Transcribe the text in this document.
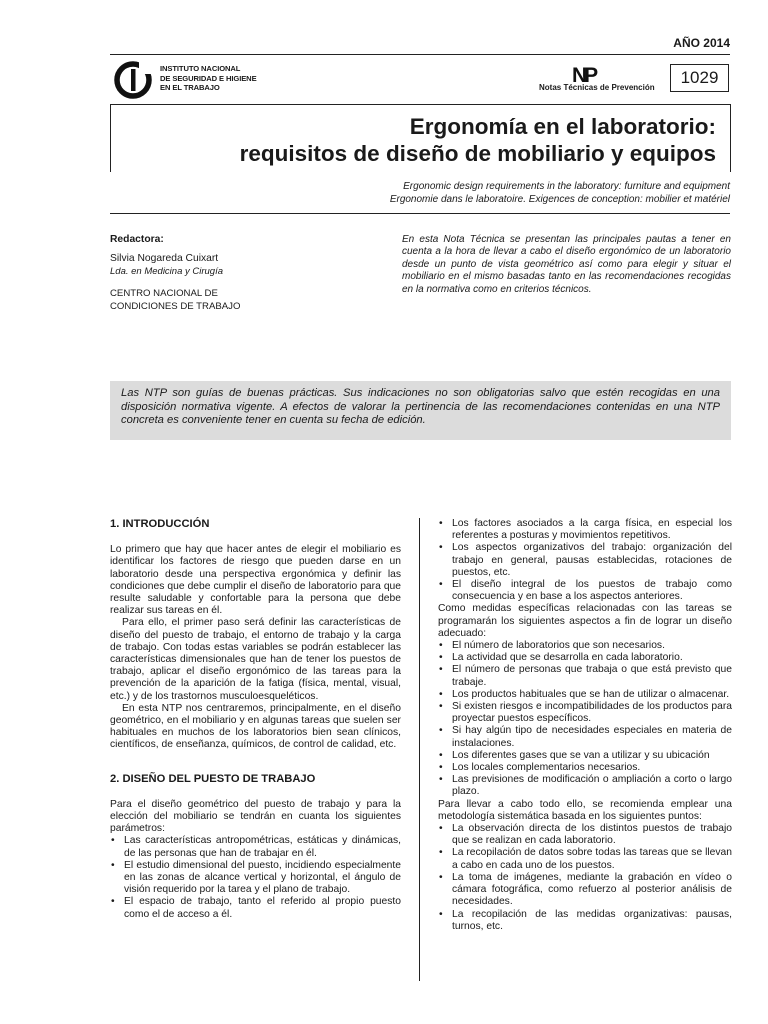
AÑO 2014
INSTITUTO NACIONAL
DE SEGURIDAD E HIGIENE
EN EL TRABAJO
NP
Notas Técnicas de Prevención
1029
Ergonomía en el laboratorio:
requisitos de diseño de mobiliario y equipos
Ergonomic design requirements in the laboratory: furniture and equipment
Ergonomie dans le laboratoire. Exigences de conception: mobilier et matériel
Redactora:
Silvia Nogareda Cuixart
Lda. en Medicina y Cirugía
CENTRO NACIONAL DE
CONDICIONES DE TRABAJO
En esta Nota Técnica se presentan las principales pautas a tener en cuenta a la hora de llevar a cabo el diseño ergonómico de un laboratorio desde un punto de vista geométrico así como para elegir y situar el mobiliario en el mismo basadas tanto en las recomendaciones recogidas en la normativa como en criterios técnicos.
Las NTP son guías de buenas prácticas. Sus indicaciones no son obligatorias salvo que estén recogidas en una disposición normativa vigente. A efectos de valorar la pertinencia de las recomendaciones contenidas en una NTP concreta es conveniente tener en cuenta su fecha de edición.
1. INTRODUCCIÓN

Lo primero que hay que hacer antes de elegir el mobiliario es identificar los factores de riesgo que pueden darse en un laboratorio desde una perspectiva ergonómica y definir las condiciones que debe cumplir el diseño de laboratorio para que resulte saludable y confortable para la persona que debe realizar sus tareas en él.

Para ello, el primer paso será definir las características de diseño del puesto de trabajo, el entorno de trabajo y la carga de trabajo. Con todas estas variables se podrán establecer las características dimensionales que han de tener los puestos de trabajo, aplicar el diseño ergonómico de las tareas para la prevención de la aparición de la fatiga (física, mental, visual, etc.) y de los trastornos musculoesqueléticos.

En esta NTP nos centraremos, principalmente, en el diseño geométrico, en el mobiliario y en algunas tareas que suelen ser habituales en muchos de los laboratorios bien sean clínicos, científicos, de enseñanza, químicos, de control de calidad, etc.

2. DISEÑO DEL PUESTO DE TRABAJO

Para el diseño geométrico del puesto de trabajo y para la elección del mobiliario se tendrán en cuanta los siguientes parámetros:

• Las características antropométricas, estáticas y dinámicas, de las personas que han de trabajar en él.
• El estudio dimensional del puesto, incidiendo especialmente en las zonas de alcance vertical y horizontal, el ángulo de visión requerido por la tarea y el plano de trabajo.
• El espacio de trabajo, tanto el referido al propio puesto como el de acceso a él.
• Los factores asociados a la carga física, en especial los referentes a posturas y movimientos repetitivos.
• Los aspectos organizativos del trabajo: organización del trabajo en general, pausas establecidas, rotaciones de puestos, etc.
• El diseño integral de los puestos de trabajo como consecuencia y en base a los aspectos anteriores.

Como medidas específicas relacionadas con las tareas se programarán los siguientes aspectos a fin de lograr un diseño adecuado:

• El número de laboratorios que son necesarios.
• La actividad que se desarrolla en cada laboratorio.
• El número de personas que trabaja o que está previsto que trabaje.
• Los productos habituales que se han de utilizar o almacenar.
• Si existen riesgos e incompatibilidades de los productos para proyectar puestos específicos.
• Si hay algún tipo de necesidades especiales en materia de instalaciones.
• Los diferentes gases que se van a utilizar y su ubicación
• Los locales complementarios necesarios.
• Las previsiones de modificación o ampliación a corto o largo plazo.

Para llevar a cabo todo ello, se recomienda emplear una metodología sistemática basada en los siguientes puntos:

• La observación directa de los distintos puestos de trabajo que se realizan en cada laboratorio.
• La recopilación de datos sobre todas las tareas que se llevan a cabo en cada uno de los puestos.
• La toma de imágenes, mediante la grabación en vídeo o cámara fotográfica, como refuerzo al posterior análisis de necesidades.
• La recopilación de las medidas organizativas: pausas, turnos, etc.
